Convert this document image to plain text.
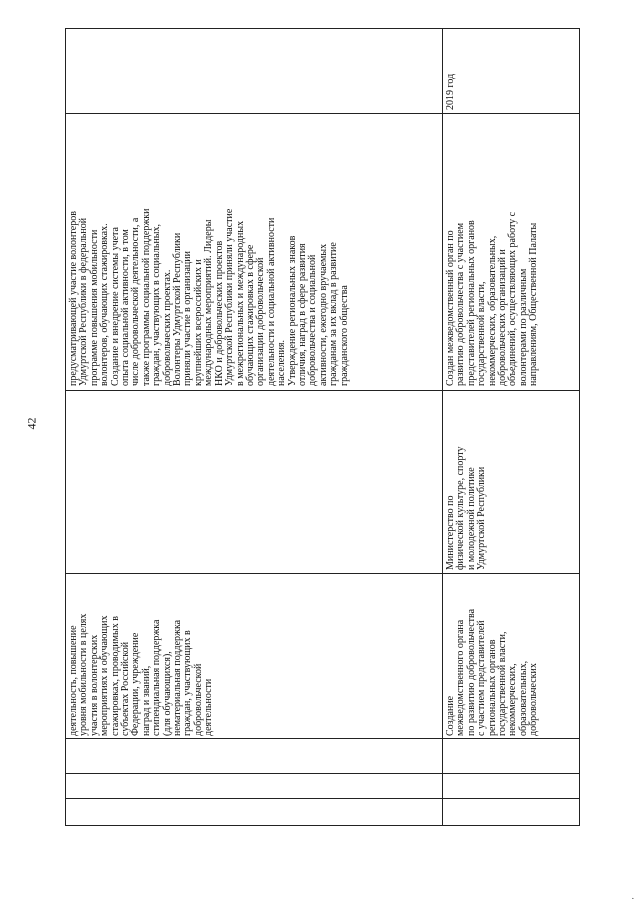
42
деятельность, повышение
уровня мобильности в целях
участия в волонтерских
мероприятиях и обучающих
стажировках, проводимых в
субъектах Российской
Федерации, учреждение
наград и званий,
стипендиальная поддержка
(для обучающихся),
нематериальная поддержка
граждан, участвующих в
добровольческой
деятельности
предусматривающей участие волонтеров
Удмуртской Республики в федеральной
программе повышения мобильности
волонтеров, обучающих стажировках.
Создание и внедрение системы учета
опыта социальной активности, в том
числе добровольческой деятельности, а
также программы социальной поддержки
граждан, участвующих в социальных,
добровольческих проектах.
Волонтеры Удмуртской Республики
приняли участие в организации
крупнейших всероссийских и
международных мероприятий. Лидеры
НКО и добровольческих проектов
Удмуртской Республики приняли участие
в межрегиональных и международных
обучающих стажировках в сфере
организации добровольческой
деятельности и социальной активности
населения.
Утверждение региональных знаков
отличия, наград в сфере развития
добровольчества и социальной
активности, ежегодно вручаемых
гражданам за их вклад в развитие
гражданского общества
Создание
межведомственного органа
по развитию добровольчества
с участием представителей
региональных органов
государственной власти,
некоммерческих,
образовательных,
добровольческих
Министерство по
физической культуре, спорту
и молодежной политике
Удмуртской Республики
2019 год
Создан межведомственный орган по
развитию добровольчества с участием
представителей региональных органов
государственной власти,
некоммерческих, образовательных,
добровольческих организаций и
объединений, осуществляющих работу с
волонтерами по различным
направлениям, Общественной Палаты
.
